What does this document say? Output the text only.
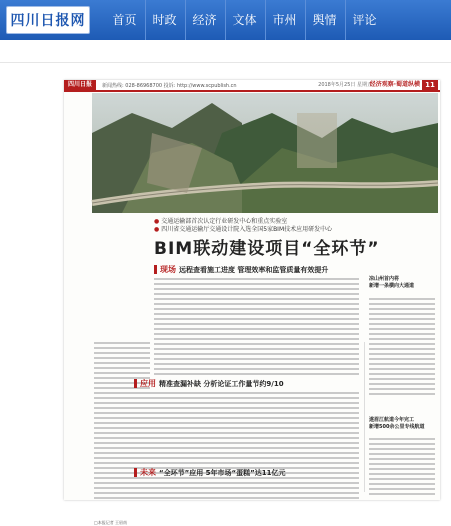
四川日报网	首页	时政	经济	文体	市州	舆情	评论
四川日报	新闻热线: 028-86968700 投诉: http://www.scpublish.cn	2018年5月25日 星期五
经济观察·蜀道纵横 11
● 交通运输部首次认定行业研发中心和重点实验室
● 四川省交通运输厅交通设计院入选全国5家BIM技术应用研发中心
BIM联动建设项目“全环节”
□本报记者 王眉南
现场 远程查看施工进度 管理效率和监管质量有效提升
应用 精准查漏补缺 分析论证工作量节约9/10
未来 “全环节”应用 5年市场“蛋糕”达11亿元
凉山州首内将
新增一条横向大通道
遂眉江航道今年完工
新增500余公里专线航道
